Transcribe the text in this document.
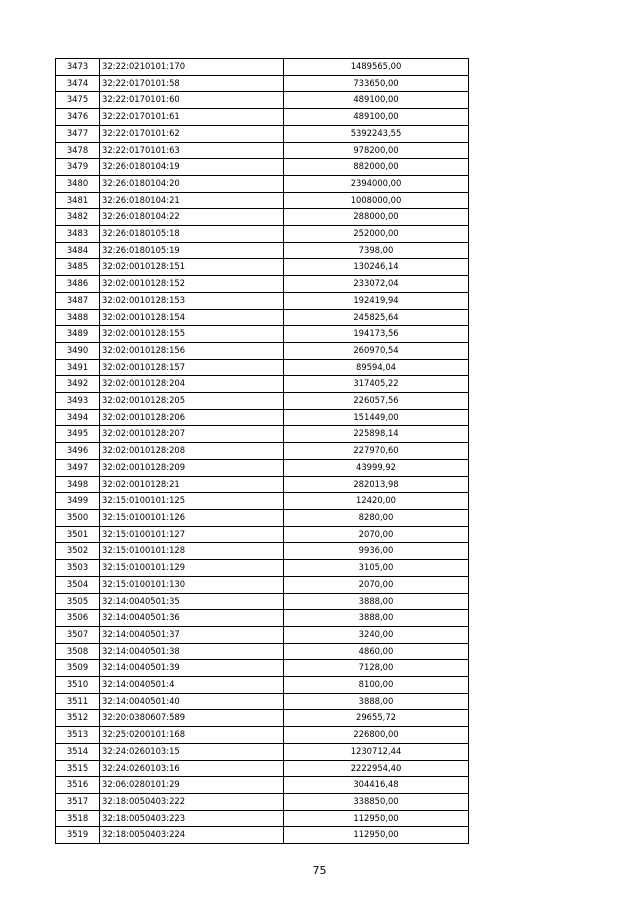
3473	32:22:0210101:170	1489565,00
3474	32:22:0170101:58	733650,00
3475	32:22:0170101:60	489100,00
3476	32:22:0170101:61	489100,00
3477	32:22:0170101:62	5392243,55
3478	32:22:0170101:63	978200,00
3479	32:26:0180104:19	882000,00
3480	32:26:0180104:20	2394000,00
3481	32:26:0180104:21	1008000,00
3482	32:26:0180104:22	288000,00
3483	32:26:0180105:18	252000,00
3484	32:26:0180105:19	7398,00
3485	32:02:0010128:151	130246,14
3486	32:02:0010128:152	233072,04
3487	32:02:0010128:153	192419,94
3488	32:02:0010128:154	245825,64
3489	32:02:0010128:155	194173,56
3490	32:02:0010128:156	260970,54
3491	32:02:0010128:157	89594,04
3492	32:02:0010128:204	317405,22
3493	32:02:0010128:205	226057,56
3494	32:02:0010128:206	151449,00
3495	32:02:0010128:207	225898,14
3496	32:02:0010128:208	227970,60
3497	32:02:0010128:209	43999,92
3498	32:02:0010128:21	282013,98
3499	32:15:0100101:125	12420,00
3500	32:15:0100101:126	8280,00
3501	32:15:0100101:127	2070,00
3502	32:15:0100101:128	9936,00
3503	32:15:0100101:129	3105,00
3504	32:15:0100101:130	2070,00
3505	32:14:0040501:35	3888,00
3506	32:14:0040501:36	3888,00
3507	32:14:0040501:37	3240,00
3508	32:14:0040501:38	4860,00
3509	32:14:0040501:39	7128,00
3510	32:14:0040501:4	8100,00
3511	32:14:0040501:40	3888,00
3512	32:20:0380607:589	29655,72
3513	32:25:0200101:168	226800,00
3514	32:24:0260103:15	1230712,44
3515	32:24:0260103:16	2222954,40
3516	32:06:0280101:29	304416,48
3517	32:18:0050403:222	338850,00
3518	32:18:0050403:223	112950,00
3519	32:18:0050403:224	112950,00
75
